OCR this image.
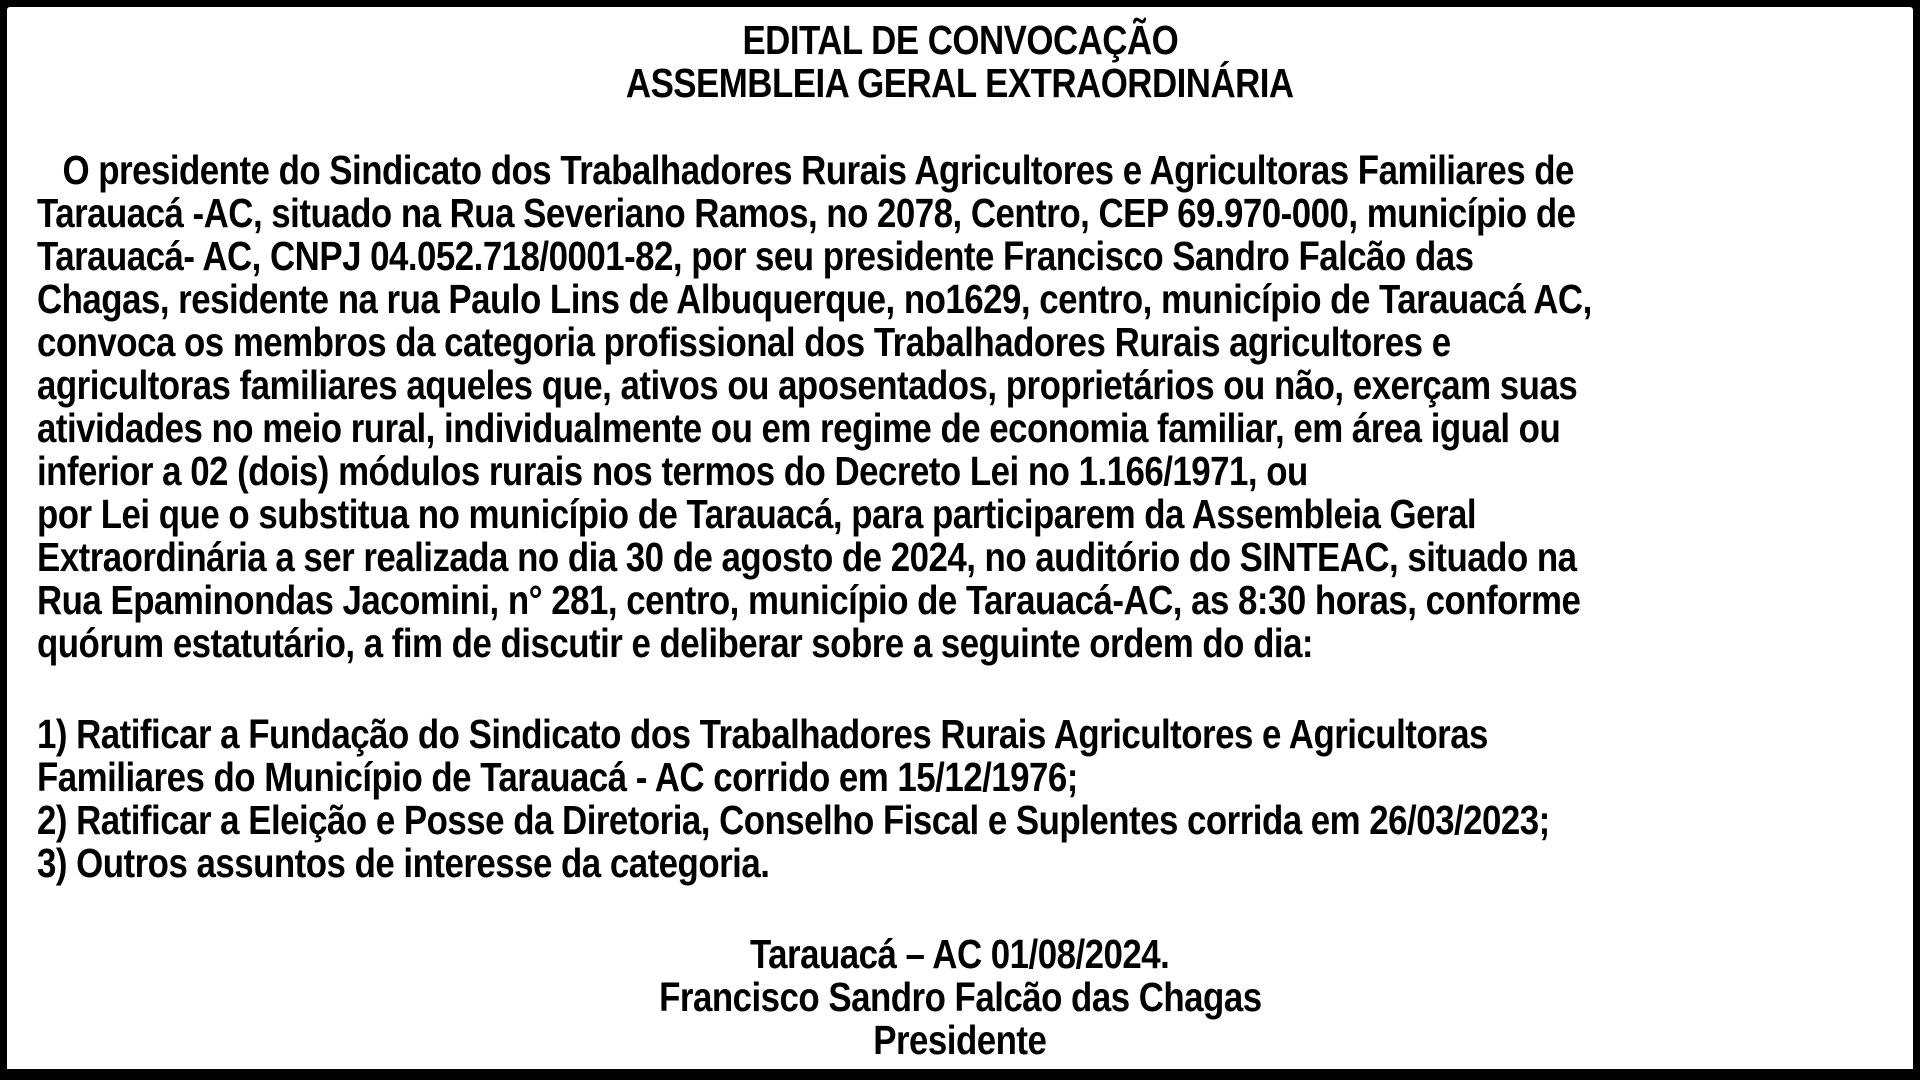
EDITAL DE CONVOCAÇÃO
ASSEMBLEIA GERAL EXTRAORDINÁRIA
O presidente do Sindicato dos Trabalhadores Rurais Agricultores e Agricultoras Familiares de
Tarauacá -AC, situado na Rua Severiano Ramos, no 2078, Centro, CEP 69.970-000, município de
Tarauacá- AC, CNPJ 04.052.718/0001-82, por seu presidente Francisco Sandro Falcão das
Chagas, residente na rua Paulo Lins de Albuquerque, no1629, centro, município de Tarauacá AC,
convoca os membros da categoria profissional dos Trabalhadores Rurais agricultores e
agricultoras familiares aqueles que, ativos ou aposentados, proprietários ou não, exerçam suas
atividades no meio rural, individualmente ou em regime de economia familiar, em área igual ou
inferior a 02 (dois) módulos rurais nos termos do Decreto Lei no 1.166/1971, ou
por Lei que o substitua no município de Tarauacá, para participarem da Assembleia Geral
Extraordinária a ser realizada no dia 30 de agosto de 2024, no auditório do SINTEAC, situado na
Rua Epaminondas Jacomini, n° 281, centro, município de Tarauacá-AC, as 8:30 horas, conforme
quórum estatutário, a fim de discutir e deliberar sobre a seguinte ordem do dia:
1) Ratificar a Fundação do Sindicato dos Trabalhadores Rurais Agricultores e Agricultoras
Familiares do Município de Tarauacá - AC corrido em 15/12/1976;
2) Ratificar a Eleição e Posse da Diretoria, Conselho Fiscal e Suplentes corrida em 26/03/2023;
3) Outros assuntos de interesse da categoria.
Tarauacá – AC 01/08/2024.
Francisco Sandro Falcão das Chagas
Presidente
